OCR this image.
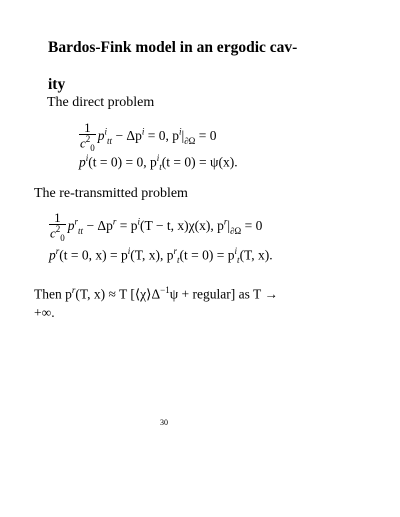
Bardos-Fink model in an ergodic cav-
ity
The direct problem
$\frac{1}{c^2_0} p^i_{tt} - \Delta p^i = 0$, $p^i|_{\partial\Omega} = 0$
$p^i(t = 0) = 0$, $p^i_t(t = 0) = \psi(x)$.
The re-transmitted problem
$\frac{1}{c^2_0} p^r_{tt} - \Delta p^r = p^i(T - t$, x)χ(x), $p^r|_{\partial\Omega} = 0$
$p^r(t = 0$, $x) = p^i(T$, x), $p^r_t(t = 0) = p^i_t(T$, x).
Then $p^r(T$, x) ≈ T [$⟨\chi⟩\Delta^{-1}\psi$ + regular] as T →
+∞.
30
